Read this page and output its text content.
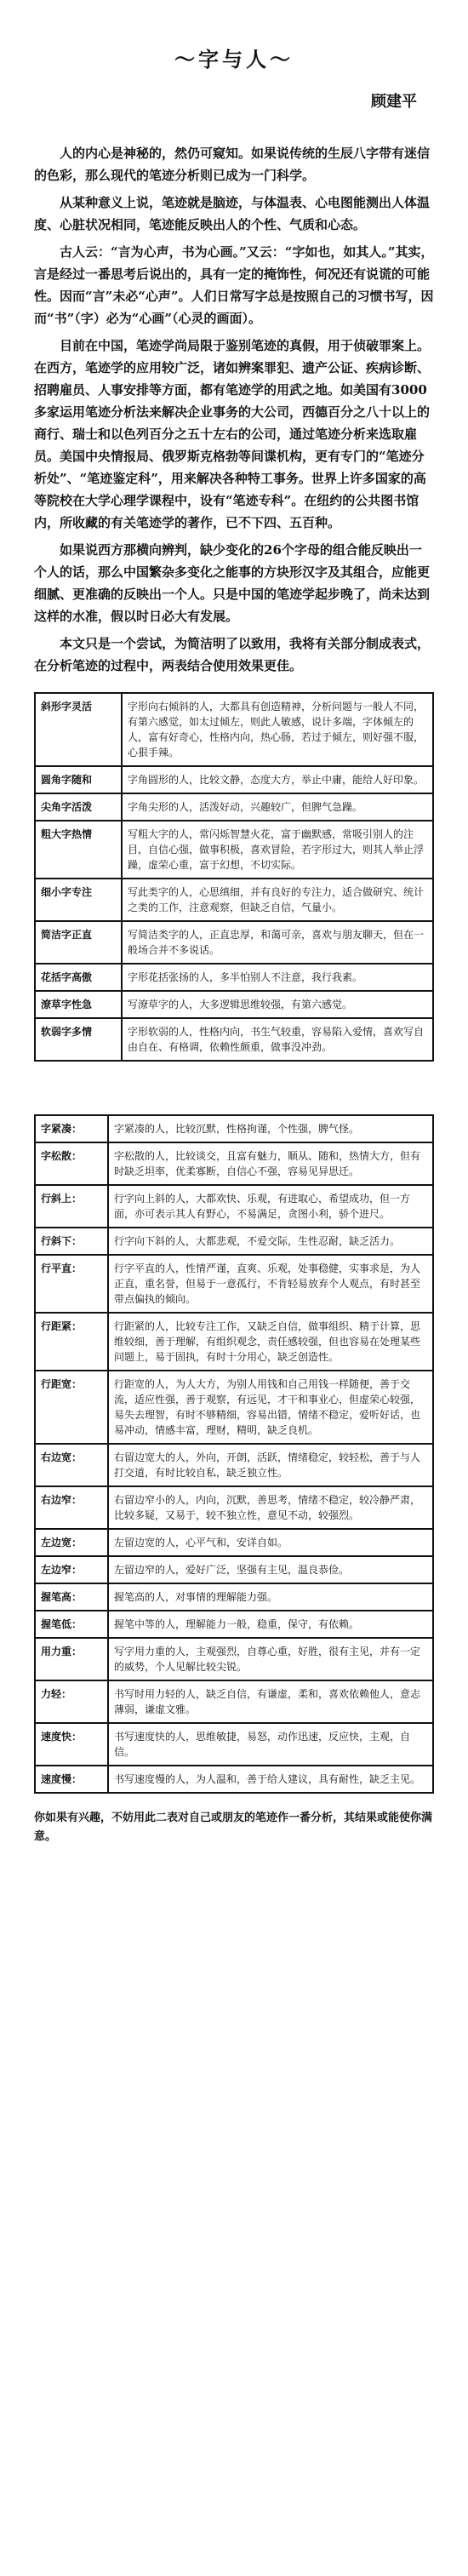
～字与人～
顾建平

人的内心是神秘的，然仍可窥知。如果说传统的生辰八字带有迷信的色彩，那么现代的笔迹分析则已成为一门科学。

从某种意义上说，笔迹就是脑迹，与体温表、心电图能测出人体温度、心脏状况相同，笔迹能反映出人的个性、气质和心态。

古人云：“言为心声，书为心画。”又云：“字如也，如其人。”其实，言是经过一番思考后说出的，具有一定的掩饰性，何况还有说谎的可能性。因而“言”未必“心声”。人们日常写字总是按照自己的习惯书写，因而“书”（字）必为“心画”（心灵的画面）。

目前在中国，笔迹学尚局限于鉴别笔迹的真假，用于侦破罪案上。在西方，笔迹学的应用较广泛，诸如辨案罪犯、遗产公证、疾病诊断、招聘雇员、人事安排等方面，都有笔迹学的用武之地。如美国有3000多家运用笔迹分析法来解决企业事务的大公司，西德百分之八十以上的商行、瑞士和以色列百分之五十左右的公司，通过笔迹分析来选取雇员。美国中央情报局、俄罗斯克格勃等间谍机构，更有专门的“笔迹分析处”、“笔迹鉴定科”，用来解决各种特工事务。世界上许多国家的高等院校在大学心理学课程中，设有“笔迹专科”。在纽约的公共图书馆内，所收藏的有关笔迹学的著作，已不下四、五百种。

如果说西方那横向辨判，缺少变化的26个字母的组合能反映出一个人的话，那么中国繁杂多变化之能事的方块形汉字及其组合，应能更细腻、更准确的反映出一个人。只是中国的笔迹学起步晚了，尚未达到这样的水准，假以时日必大有发展。

本文只是一个尝试，为简洁明了以致用，我将有关部分制成表式，在分析笔迹的过程中，两表结合使用效果更佳。

斜形字灵活	字形向右倾斜的人，大都具有创造精神，分析问题与一般人不同，有第六感觉，如太过倾左，则此人敏感，说计多端，字体倾左的人，富有好奇心，性格内向，热心肠，若过于倾左，则好强不服，心狠手辣。
圆角字随和	字角圆形的人，比较文静，态度大方，举止中庸，能给人好印象。
尖角字活泼	字角尖形的人，活泼好动，兴趣较广，但脾气急躁。
粗大字热情	写粗大字的人，常闪烁智慧火花，富于幽默感，常吸引别人的注目，自信心强，做事积极，喜欢冒险，若字形过大，则其人举止浮躁，虚荣心重，富于幻想，不切实际。
细小字专注	写此类字的人，心思缜细，并有良好的专注力，适合做研究、统计之类的工作，注意观察，但缺乏自信，气量小。
简洁字正直	写简洁类字的人，正直忠厚，和蔼可亲，喜欢与朋友聊天，但在一般场合并不多说话。
花括字高傲	字形花括张扬的人，多半怕别人不注意，我行我素。
潦草字性急	写潦草字的人，大多逻辑思维较强，有第六感觉。
软弱字多情	字形软弱的人，性格内向，书生气较重，容易陷入爱情，喜欢写自由自在、有格调，依赖性颇重，做事没冲劲。
字紧凑：	字紧凑的人，比较沉默，性格拘谨，个性强，脾气怪。
字松散：	字松散的人，比较谈交，且富有魅力，顺从、随和，热情大方，但有时缺乏坦率，优柔寡断，自信心不强，容易见异思迁。
行斜上：	行字向上斜的人，大都欢快、乐观，有进取心，希望成功，但一方面，亦可表示其人有野心，不易满足，贪图小利，骄个进尺。
行斜下：	行字向下斜的人，大都悲观，不爱交际，生性忍耐，缺乏活力。
行平直：	行字平直的人，性情严谨，直爽、乐观，处事稳健，实事求是，为人正直，重名誉，但易于一意孤行，不肯轻易放弃个人观点，有时甚至带点偏执的倾向。
行距紧：	行距紧的人，比较专注工作，又缺乏自信，做事组织、精于计算，思维较细，善于理解，有组织观念，责任感较强，但也容易在处理某些问题上，易于固执，有时十分用心，缺乏创造性。
行距宽：	行距宽的人，为人大方，为别人用钱和自己用钱一样随便，善于交流，适应性强，善于观察，有远见，才干和事业心，但虚荣心较强，易失去理智，有时不够精细，容易出错，情绪不稳定，爱听好话，也易冲动，情感丰富，理财，精明，缺乏良机。
右边宽：	右留边宽大的人，外向，开朗，活跃，情绪稳定，较轻松，善于与人打交道，有时比较自私，缺乏独立性。
右边窄：	右留边窄小的人，内向，沉默，善思考，情绪不稳定，较冷静严肃，比较多疑，又易于，较不独立性，意见不动，较强烈。
左边宽：	左留边宽的人，心平气和，安详自如。
左边窄：	左留边窄的人，爱好广泛，坚强有主见，温良恭俭。
握笔高：	握笔高的人，对事情的理解能力强。
握笔低：	握笔中等的人，理解能力一般，稳重，保守，有依赖。
用力重：	写字用力重的人，主观强烈，自尊心重，好胜，很有主见，并有一定的威势，个人见解比较尖锐。
力轻：	书写时用力轻的人，缺乏自信，有谦虚，柔和，喜欢依赖他人，意志薄弱，谦虚文雅。
速度快：	书写速度快的人，思维敏捷，易怒，动作迅速，反应快，主观，自信。
速度慢：	书写速度慢的人，为人温和，善于给人建议，具有耐性，缺乏主见。
你如果有兴趣，不妨用此二表对自己或朋友的笔迹作一番分析，其结果或能使你满意。
